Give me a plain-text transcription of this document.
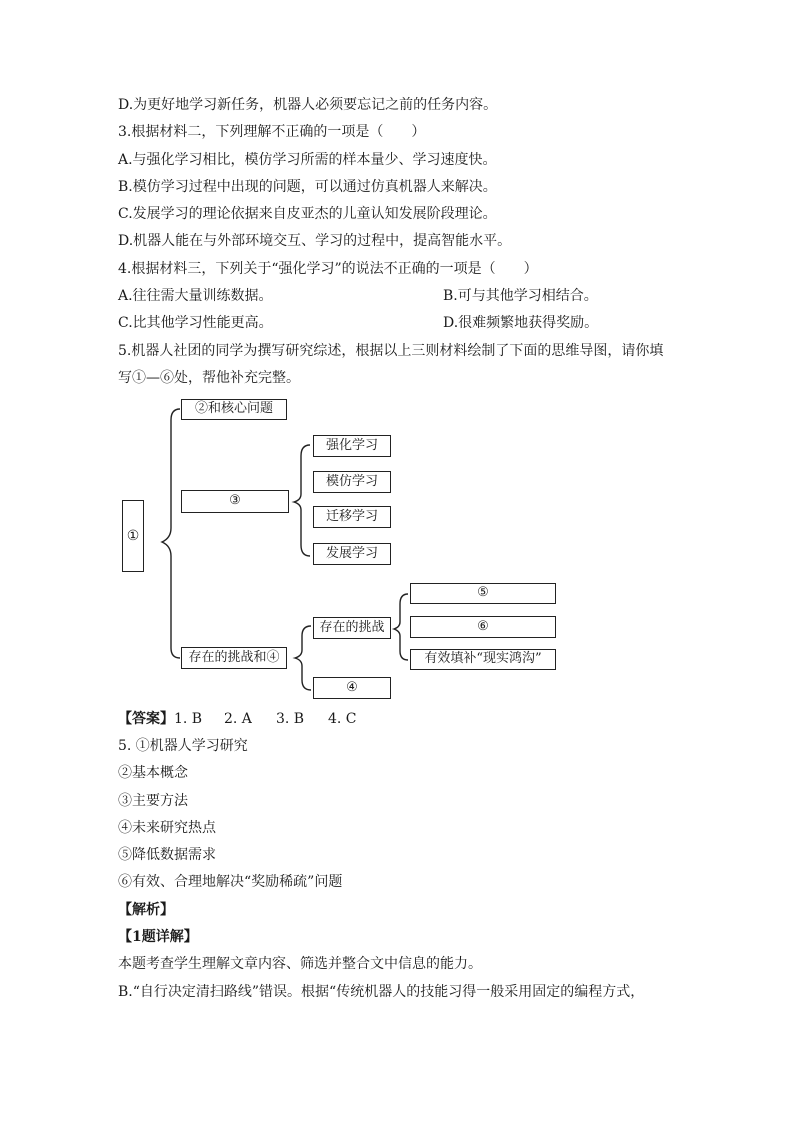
D.为更好地学习新任务，机器人必须要忘记之前的任务内容。
3.根据材料二，下列理解不正确的一项是（　　）
A.与强化学习相比，模仿学习所需的样本量少、学习速度快。
B.模仿学习过程中出现的问题，可以通过仿真机器人来解决。
C.发展学习的理论依据来自皮亚杰的儿童认知发展阶段理论。
D.机器人能在与外部环境交互、学习的过程中，提高智能水平。
4.根据材料三，下列关于“强化学习”的说法不正确的一项是（　　）
A.往往需大量训练数据。	B.可与其他学习相结合。
C.比其他学习性能更高。	D.很难频繁地获得奖励。
5.机器人社团的同学为撰写研究综述，根据以上三则材料绘制了下面的思维导图，请你填
写①—⑥处，帮他补充完整。
①
②和核心问题
③
存在的挑战和④
强化学习
模仿学习
迁移学习
发展学习
存在的挑战
④
⑤
⑥
有效填补“现实鸿沟”
【答案】1. B 2. A 3. B 4. C
5. ①机器人学习研究
②基本概念
③主要方法
④未来研究热点
⑤降低数据需求
⑥有效、合理地解决“奖励稀疏”问题
【解析】
【1题详解】
本题考查学生理解文章内容、筛选并整合文中信息的能力。
B.“自行决定清扫路线”错误。根据“传统机器人的技能习得一般采用固定的编程方式，
